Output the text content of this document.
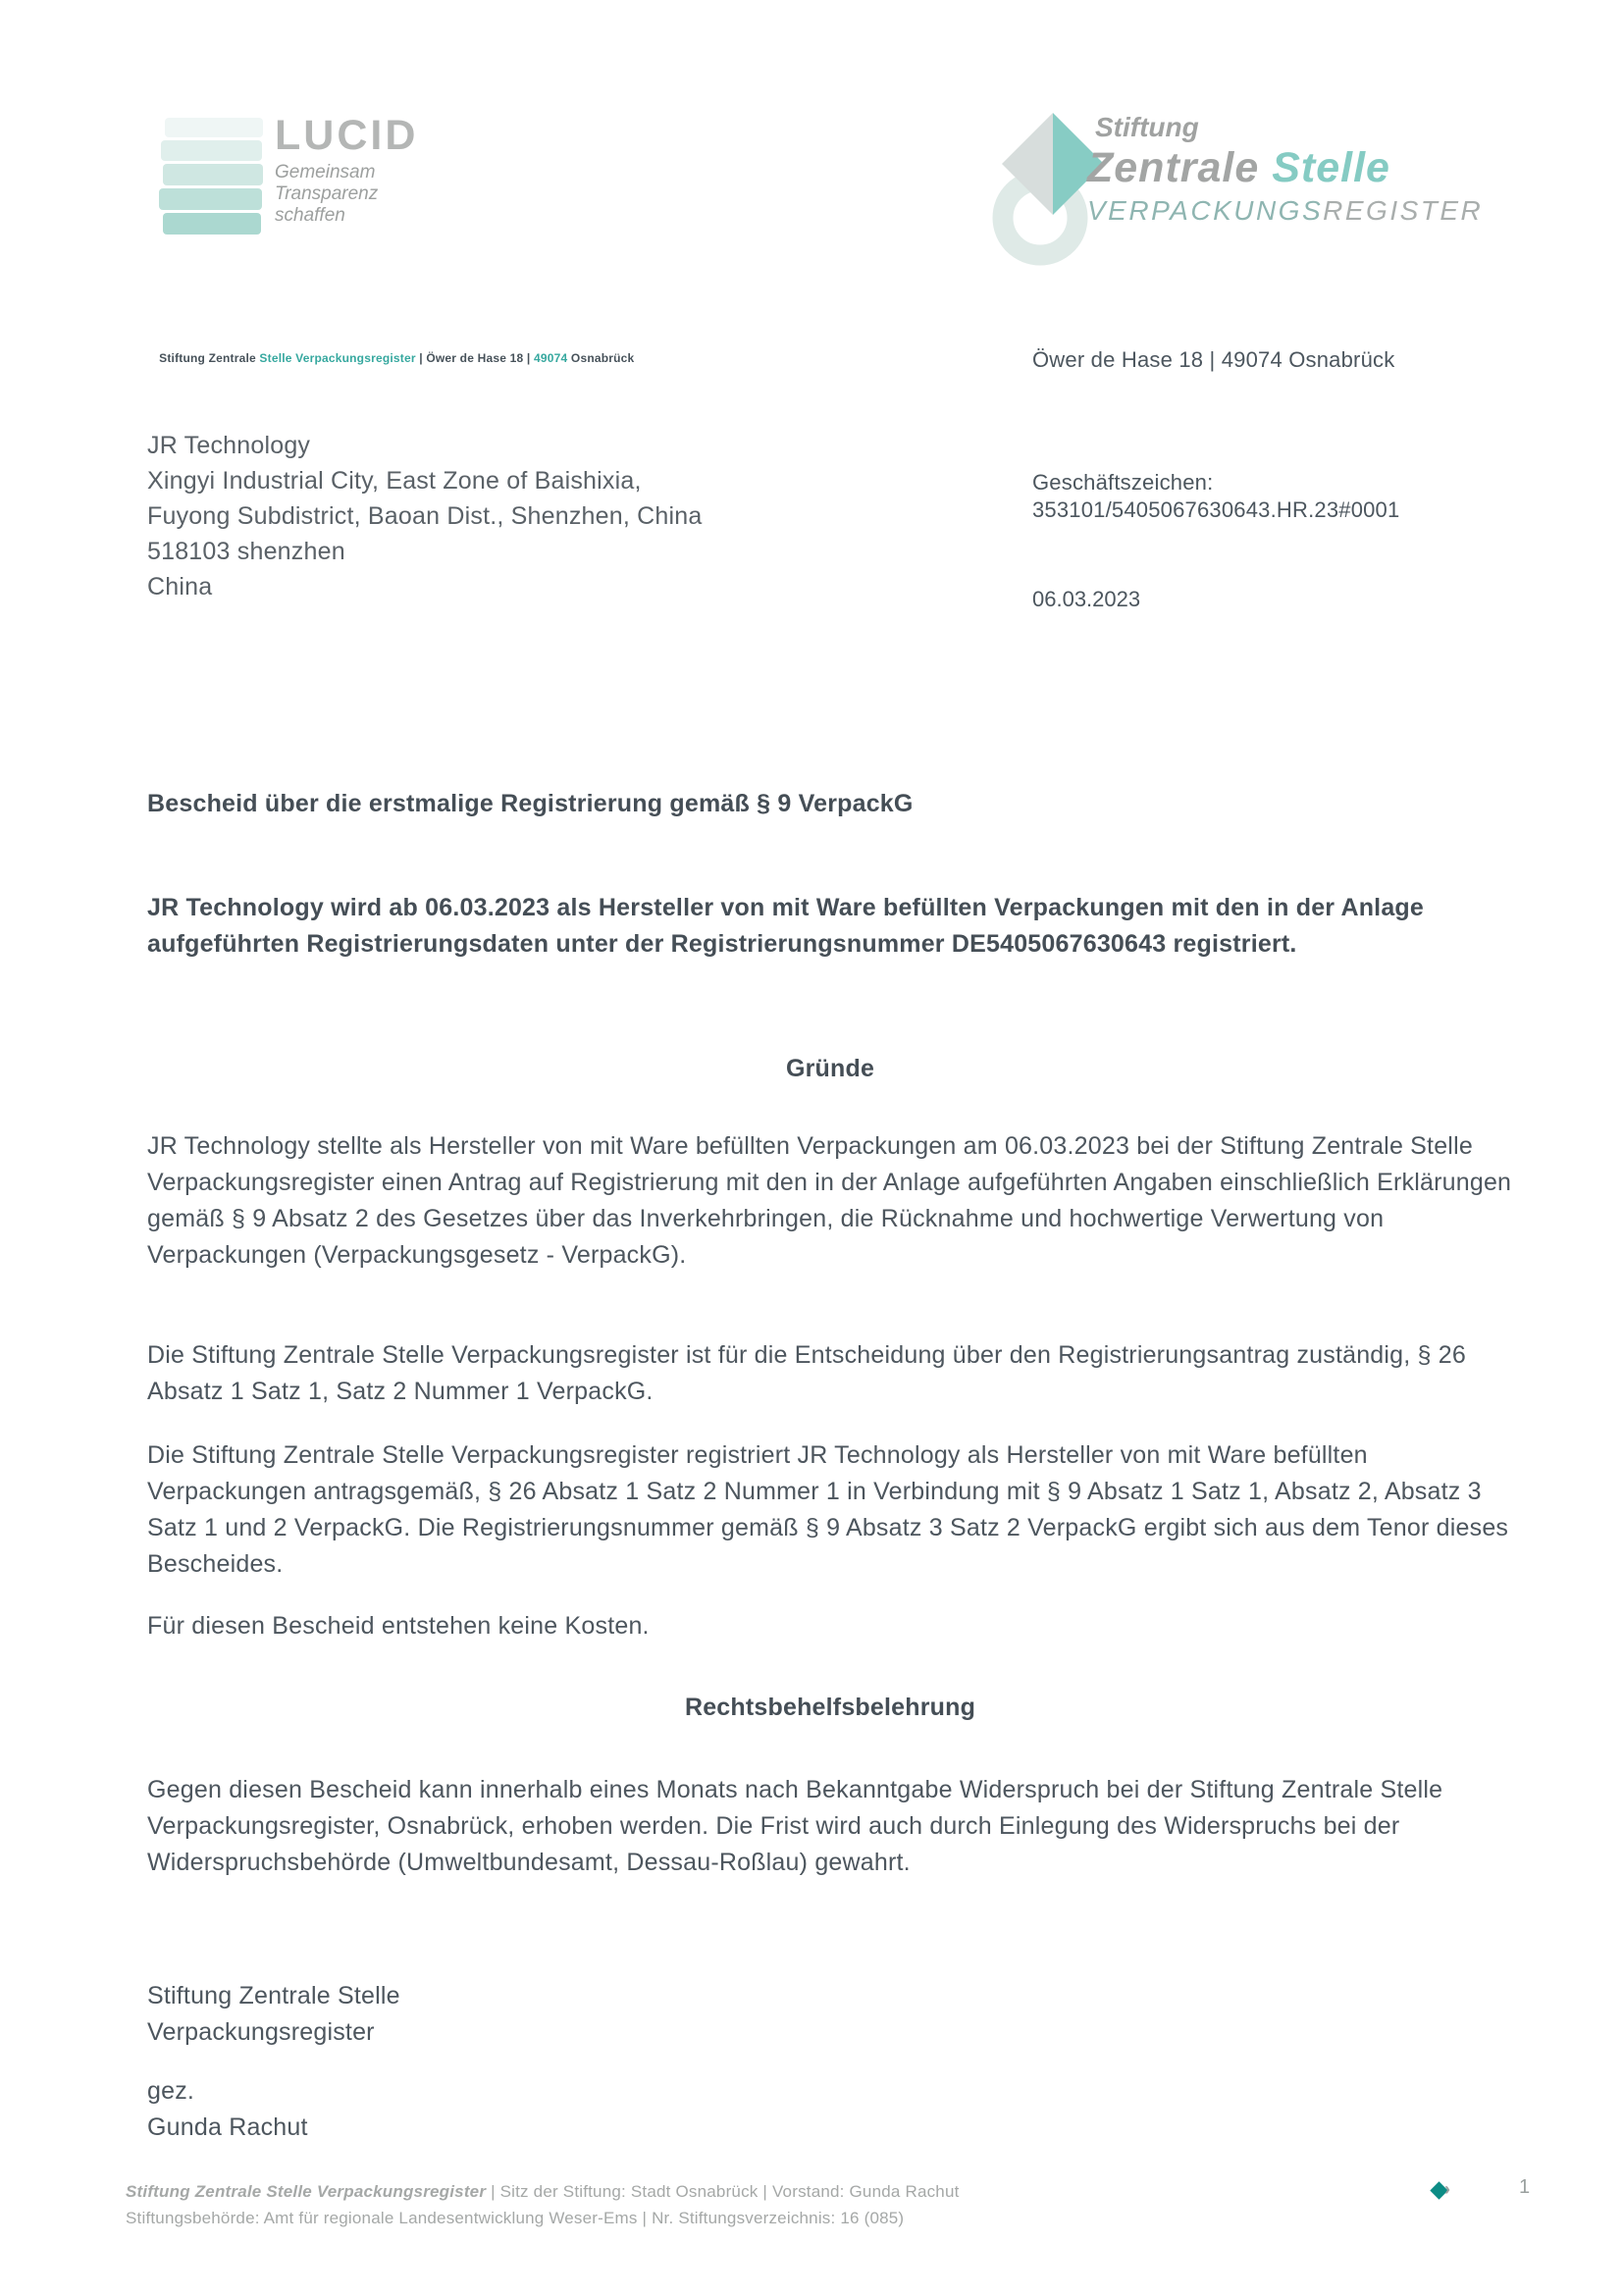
LUCID
Gemeinsam
Transparenz schaffen
Stiftung
Zentrale Stelle
VERPACKUNGSREGISTER

Stiftung Zentrale Stelle Verpackungsregister | Öwer de Hase 18 | 49074 Osnabrück

JR Technology
Xingyi Industrial City, East Zone of Baishixia,
Fuyong Subdistrict, Baoan Dist., Shenzhen, China
518103 shenzhen
China
Öwer de Hase 18 | 49074 Osnabrück
Geschäftszeichen:
353101/5405067630643.HR.23#0001
06.03.2023
Bescheid über die erstmalige Registrierung gemäß § 9 VerpackG
JR Technology wird ab 06.03.2023 als Hersteller von mit Ware befüllten Verpackungen mit den in der Anlage aufgeführten Registrierungsdaten unter der Registrierungsnummer DE5405067630643 registriert.
Gründe
JR Technology stellte als Hersteller von mit Ware befüllten Verpackungen am 06.03.2023 bei der Stiftung Zentrale Stelle Verpackungsregister einen Antrag auf Registrierung mit den in der Anlage aufgeführten Angaben einschließlich Erklärungen gemäß § 9 Absatz 2 des Gesetzes über das Inverkehrbringen, die Rücknahme und hochwertige Verwertung von Verpackungen (Verpackungsgesetz - VerpackG).
Die Stiftung Zentrale Stelle Verpackungsregister ist für die Entscheidung über den Registrierungsantrag zuständig, § 26 Absatz 1 Satz 1, Satz 2 Nummer 1 VerpackG.
Die Stiftung Zentrale Stelle Verpackungsregister registriert JR Technology als Hersteller von mit Ware befüllten Verpackungen antragsgemäß, § 26 Absatz 1 Satz 2 Nummer 1 in Verbindung mit § 9 Absatz 1 Satz 1, Absatz 2, Absatz 3 Satz 1 und 2 VerpackG. Die Registrierungsnummer gemäß § 9 Absatz 3 Satz 2 VerpackG ergibt sich aus dem Tenor dieses Bescheides.
Für diesen Bescheid entstehen keine Kosten.
Rechtsbehelfsbelehrung
Gegen diesen Bescheid kann innerhalb eines Monats nach Bekanntgabe Widerspruch bei der Stiftung Zentrale Stelle Verpackungsregister, Osnabrück, erhoben werden. Die Frist wird auch durch Einlegung des Widerspruchs bei der Widerspruchsbehörde (Umweltbundesamt, Dessau-Roßlau) gewahrt.
Stiftung Zentrale Stelle
Verpackungsregister
gez.
Gunda Rachut
Stiftung Zentrale Stelle Verpackungsregister | Sitz der Stiftung: Stadt Osnabrück | Vorstand: Gunda Rachut
Stiftungsbehörde: Amt für regionale Landesentwicklung Weser-Ems | Nr. Stiftungsverzeichnis: 16 (085)
›	1
